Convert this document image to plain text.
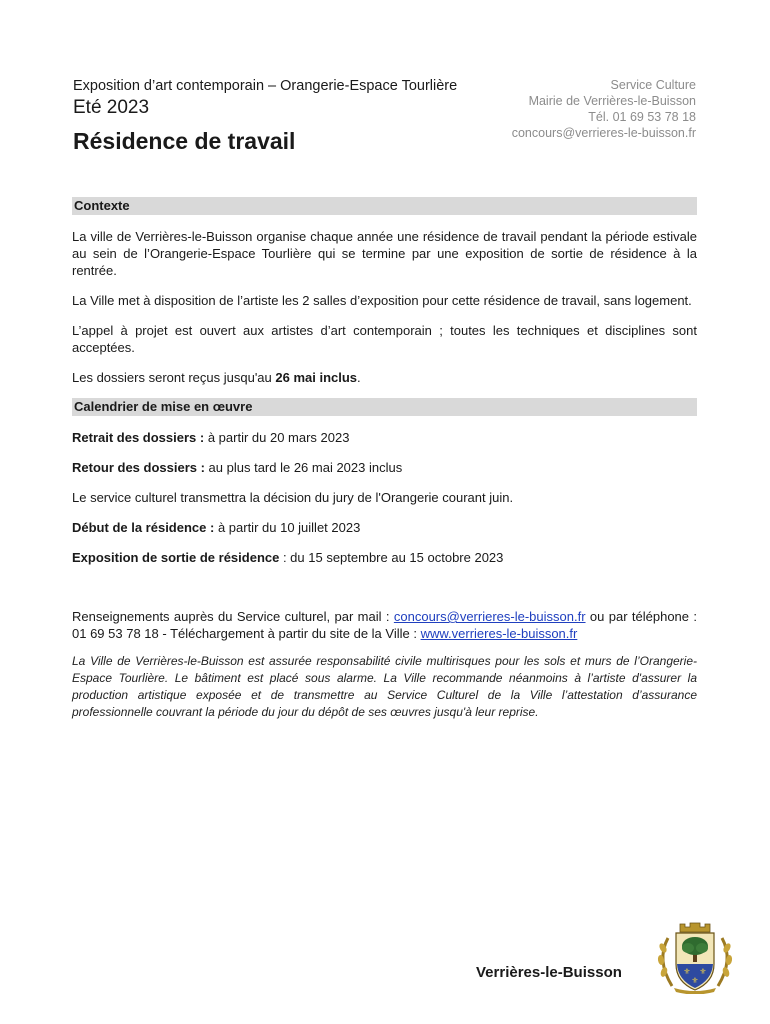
Exposition d’art contemporain – Orangerie-Espace Tourlière
Eté 2023
Résidence de travail
Service Culture
Mairie de Verrières-le-Buisson
Tél. 01 69 53 78 18
concours@verrieres-le-buisson.fr
Contexte

La ville de Verrières-le-Buisson organise chaque année une résidence de travail pendant la période estivale au sein de l’Orangerie-Espace Tourlière qui se termine par une exposition de sortie de résidence à la rentrée.

La Ville met à disposition de l’artiste les 2 salles d’exposition pour cette résidence de travail, sans logement.

L’appel à projet est ouvert aux artistes d’art contemporain ; toutes les techniques et disciplines sont acceptées.

Les dossiers seront reçus jusqu'au 26 mai inclus.

Calendrier de mise en œuvre

Retrait des dossiers : à partir du 20 mars 2023

Retour des dossiers : au plus tard le 26 mai 2023 inclus

Le service culturel transmettra la décision du jury de l'Orangerie courant juin.

Début de la résidence : à partir du 10 juillet 2023

Exposition de sortie de résidence : du 15 septembre au 15 octobre 2023

Renseignements auprès du Service culturel, par mail : concours@verrieres-le-buisson.fr ou par téléphone : 01 69 53 78 18 - Téléchargement à partir du site de la Ville : www.verrieres-le-buisson.fr

La Ville de Verrières-le-Buisson est assurée responsabilité civile multirisques pour les sols et murs de l’Orangerie-Espace Tourlière. Le bâtiment est placé sous alarme. La Ville recommande néanmoins à l’artiste d'assurer la production artistique exposée et de transmettre au Service Culturel de la Ville l’attestation d’assurance professionnelle couvrant la période du jour du dépôt de ses œuvres jusqu'à leur reprise.

Verrières-le-Buisson	⚜ ⚜
⚜
